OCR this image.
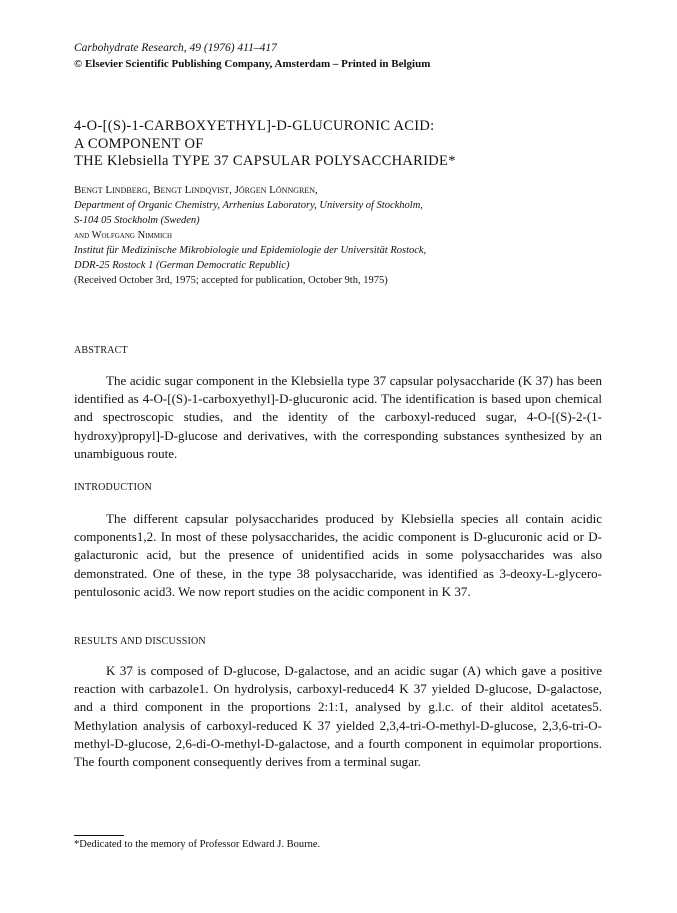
Carbohydrate Research, 49 (1976) 411–417
© Elsevier Scientific Publishing Company, Amsterdam – Printed in Belgium
4-O-[(S)-1-CARBOXYETHYL]-D-GLUCURONIC ACID:
A COMPONENT OF
THE Klebsiella TYPE 37 CAPSULAR POLYSACCHARIDE*
Bengt Lindberg, Bengt Lindqvist, Jörgen Lönngren,
Department of Organic Chemistry, Arrhenius Laboratory, University of Stockholm,
S-104 05 Stockholm (Sweden)
and Wolfgang Nimmich
Institut für Medizinische Mikrobiologie und Epidemiologie der Universität Rostock,
DDR-25 Rostock 1 (German Democratic Republic)
(Received October 3rd, 1975; accepted for publication, October 9th, 1975)
ABSTRACT
The acidic sugar component in the Klebsiella type 37 capsular polysaccharide (K 37) has been identified as 4-O-[(S)-1-carboxyethyl]-D-glucuronic acid. The identification is based upon chemical and spectroscopic studies, and the identity of the carboxyl-reduced sugar, 4-O-[(S)-2-(1-hydroxy)propyl]-D-glucose and derivatives, with the corresponding substances synthesized by an unambiguous route.
INTRODUCTION
The different capsular polysaccharides produced by Klebsiella species all contain acidic components1,2. In most of these polysaccharides, the acidic component is D-glucuronic acid or D-galacturonic acid, but the presence of unidentified acids in some polysaccharides was also demonstrated. One of these, in the type 38 polysaccharide, was identified as 3-deoxy-L-glycero-pentulosonic acid3. We now report studies on the acidic component in K 37.
RESULTS AND DISCUSSION
K 37 is composed of D-glucose, D-galactose, and an acidic sugar (A) which gave a positive reaction with carbazole1. On hydrolysis, carboxyl-reduced4 K 37 yielded D-glucose, D-galactose, and a third component in the proportions 2:1:1, analysed by g.l.c. of their alditol acetates5. Methylation analysis of carboxyl-reduced K 37 yielded 2,3,4-tri-O-methyl-D-glucose, 2,3,6-tri-O-methyl-D-glucose, 2,6-di-O-methyl-D-galactose, and a fourth component in equimolar proportions. The fourth component consequently derives from a terminal sugar.
*Dedicated to the memory of Professor Edward J. Bourne.
